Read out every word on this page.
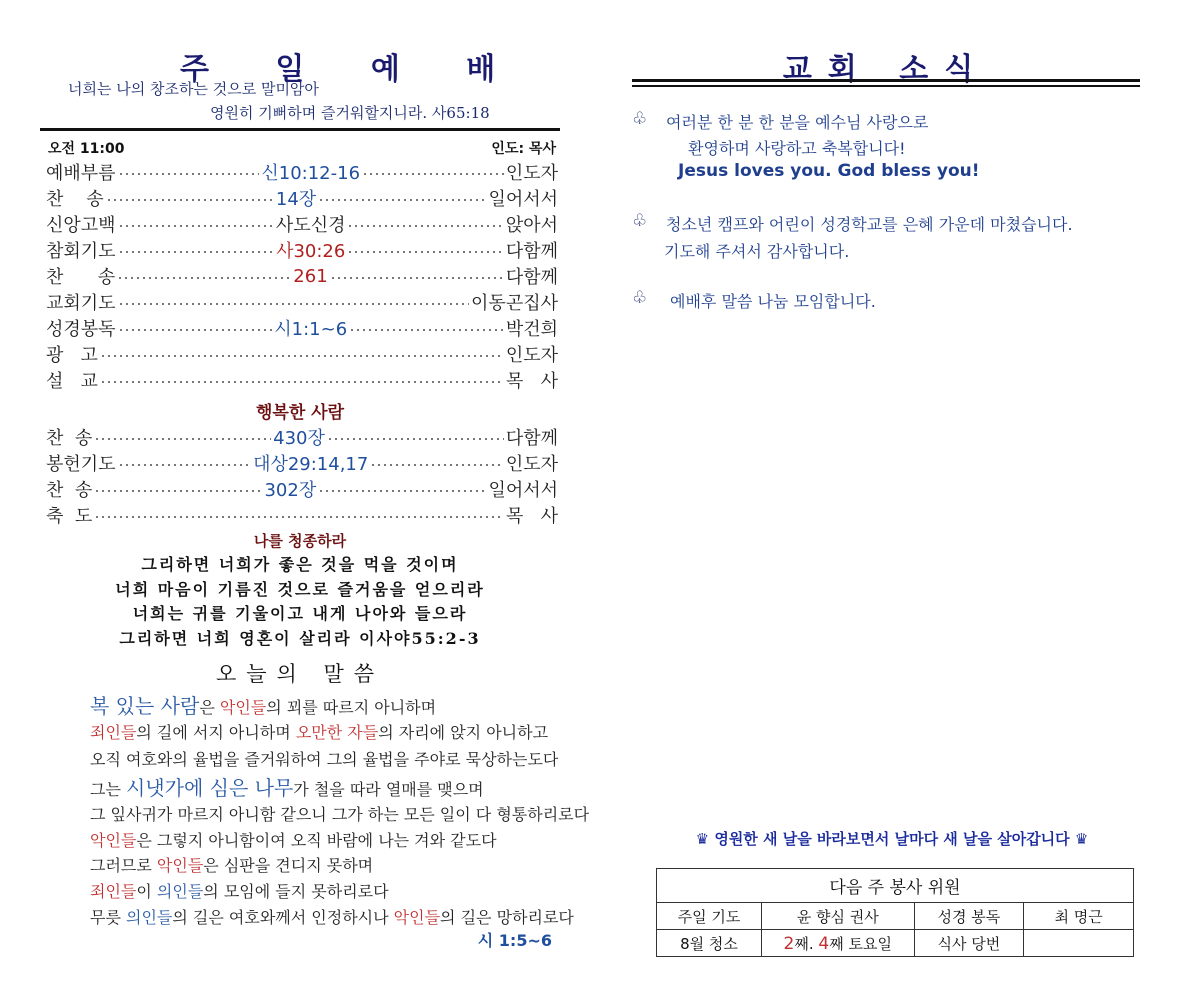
주 일 예 배
너희는 나의 창조하는 것으로 말미암아
영원히 기뻐하며 즐거워할지니라. 사65:18
오전 11:00	인도: 목사
예배부름	신10:12-16	인도자
찬    송	14장	일어서서
신앙고백	사도신경	앉아서
참회기도	사30:26	다함께
찬      송	261	다함께
교회기도	이동곤집사
성경봉독	시1:1~6	박건희
광   고	인도자
설   교	목   사
행복한 사람
찬  송	430장	다함께
봉헌기도	대상29:14,17	인도자
찬  송	302장	일어서서
축  도	목   사
나를 청종하라
그리하면 너희가 좋은 것을 먹을 것이며
너희 마음이 기름진 것으로 즐거움을 얻으리라
너희는 귀를 기울이고 내게 나아와 들으라
그리하면 너희 영혼이 살리라 이사야55:2-3
오늘의 말씀
복 있는 사람은 악인들의 꾀를 따르지 아니하며
죄인들의 길에 서지 아니하며 오만한 자들의 자리에 앉지 아니하고
오직 여호와의 율법을 즐거워하여 그의 율법을 주야로 묵상하는도다
그는 시냇가에 심은 나무가 철을 따라 열매를 맺으며
그 잎사귀가 마르지 아니함 같으니 그가 하는 모든 일이 다 형통하리로다
악인들은 그렇지 아니함이여 오직 바람에 나는 겨와 같도다
그러므로 악인들은 심판을 견디지 못하며
죄인들이 의인들의 모임에 들지 못하리로다
무릇 의인들의 길은 여호와께서 인정하시나 악인들의 길은 망하리로다
시 1:5~6
교회 소식
♧ 여러분 한 분 한 분을 예수님 사랑으로
환영하며 사랑하고 축복합니다!
Jesus loves you. God bless you!
♧ 청소년 캠프와 어린이 성경학교를 은혜 가운데 마쳤습니다.
기도해 주셔서 감사합니다.
♧ 예배후 말씀 나눔 모임합니다.
♛ 영원한 새 날을 바라보면서 날마다 새 날을 살아갑니다 ♛
다음 주 봉사 위원			
주일 기도	윤 향심 권사	성경 봉독	최 명근
8월 청소	2째. 4째 토요일	식사 당번	
